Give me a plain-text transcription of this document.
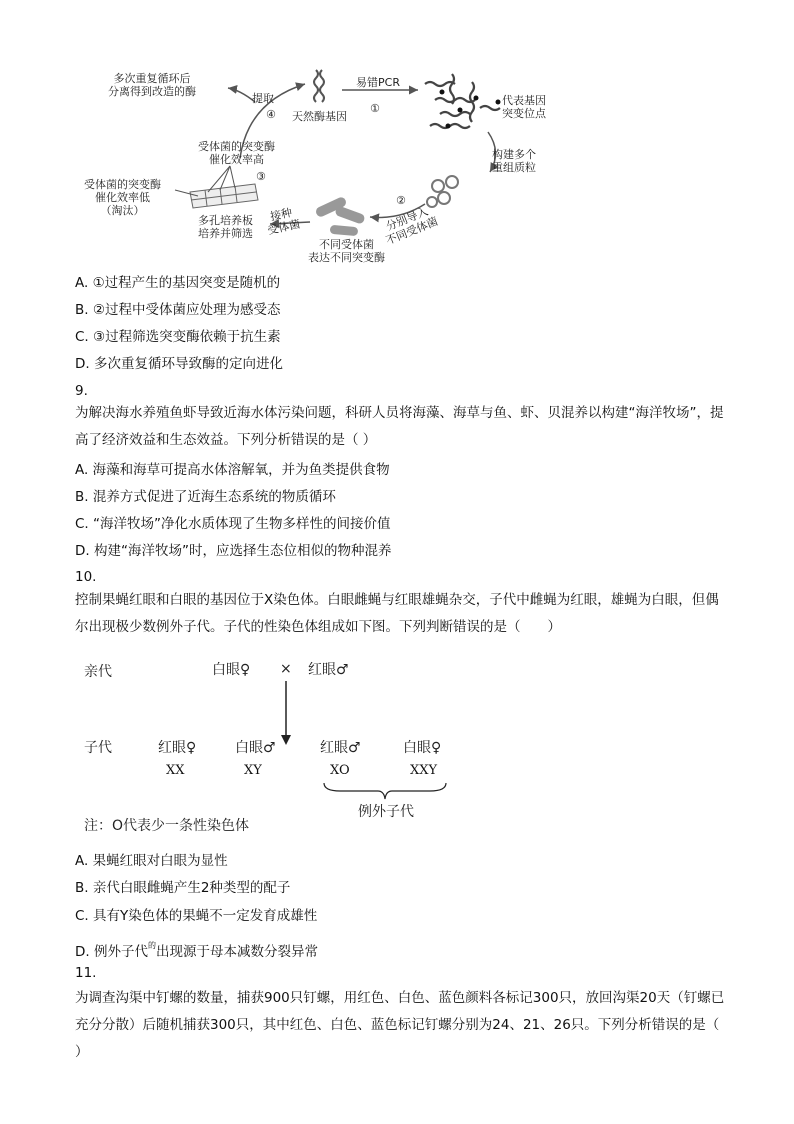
多次重复循环后
分离得到改造的酶
提取
④ 天然酶基因
易错PCR
①
代表基因
突变位点
构建多个
重组质粒
②
分别导入
不同受体菌
不同受体菌
表达不同突变酶
接种
受体菌
多孔培养板
培养并筛选
③
受体菌的突变酶
催化效率高
受体菌的突变酶
催化效率低
（淘汰）
A. ①过程产生的基因突变是随机的
B. ②过程中受体菌应处理为感受态
C. ③过程筛选突变酶依赖于抗生素
D. 多次重复循环导致酶的定向进化
9.
为解决海水养殖鱼虾导致近海水体污染问题，科研人员将海藻、海草与鱼、虾、贝混养以构建“海洋牧场”，提高了经济效益和生态效益。下列分析错误的是（ ）
A. 海藻和海草可提高水体溶解氧，并为鱼类提供食物
B. 混养方式促进了近海生态系统的物质循环
C. “海洋牧场”净化水质体现了生物多样性的间接价值
D. 构建“海洋牧场”时，应选择生态位相似的物种混养
10.
控制果蝇红眼和白眼的基因位于X染色体。白眼雌蝇与红眼雄蝇杂交，子代中雌蝇为红眼，雄蝇为白眼，但偶尔出现极少数例外子代。子代的性染色体组成如下图。下列判断错误的是（　　）
亲代	白眼♀ × 红眼♂
子代	红眼♀
XX
白眼♂
XY
红眼♂
XO
白眼♀
XXY
例外子代
注：O代表少一条性染色体
A. 果蝇红眼对白眼为显性
B. 亲代白眼雌蝇产生2种类型的配子
C. 具有Y染色体的果蝇不一定发育成雄性
D. 例外子代$^的$出现源于母本减数分裂异常
11.
为调查沟渠中钉螺的数量，捕获900只钉螺，用红色、白色、蓝色颜料各标记300只，放回沟渠20天（钉螺已充分分散）后随机捕获300只，其中红色、白色、蓝色标记钉螺分别为24、21、26只。下列分析错误的是（ ）
